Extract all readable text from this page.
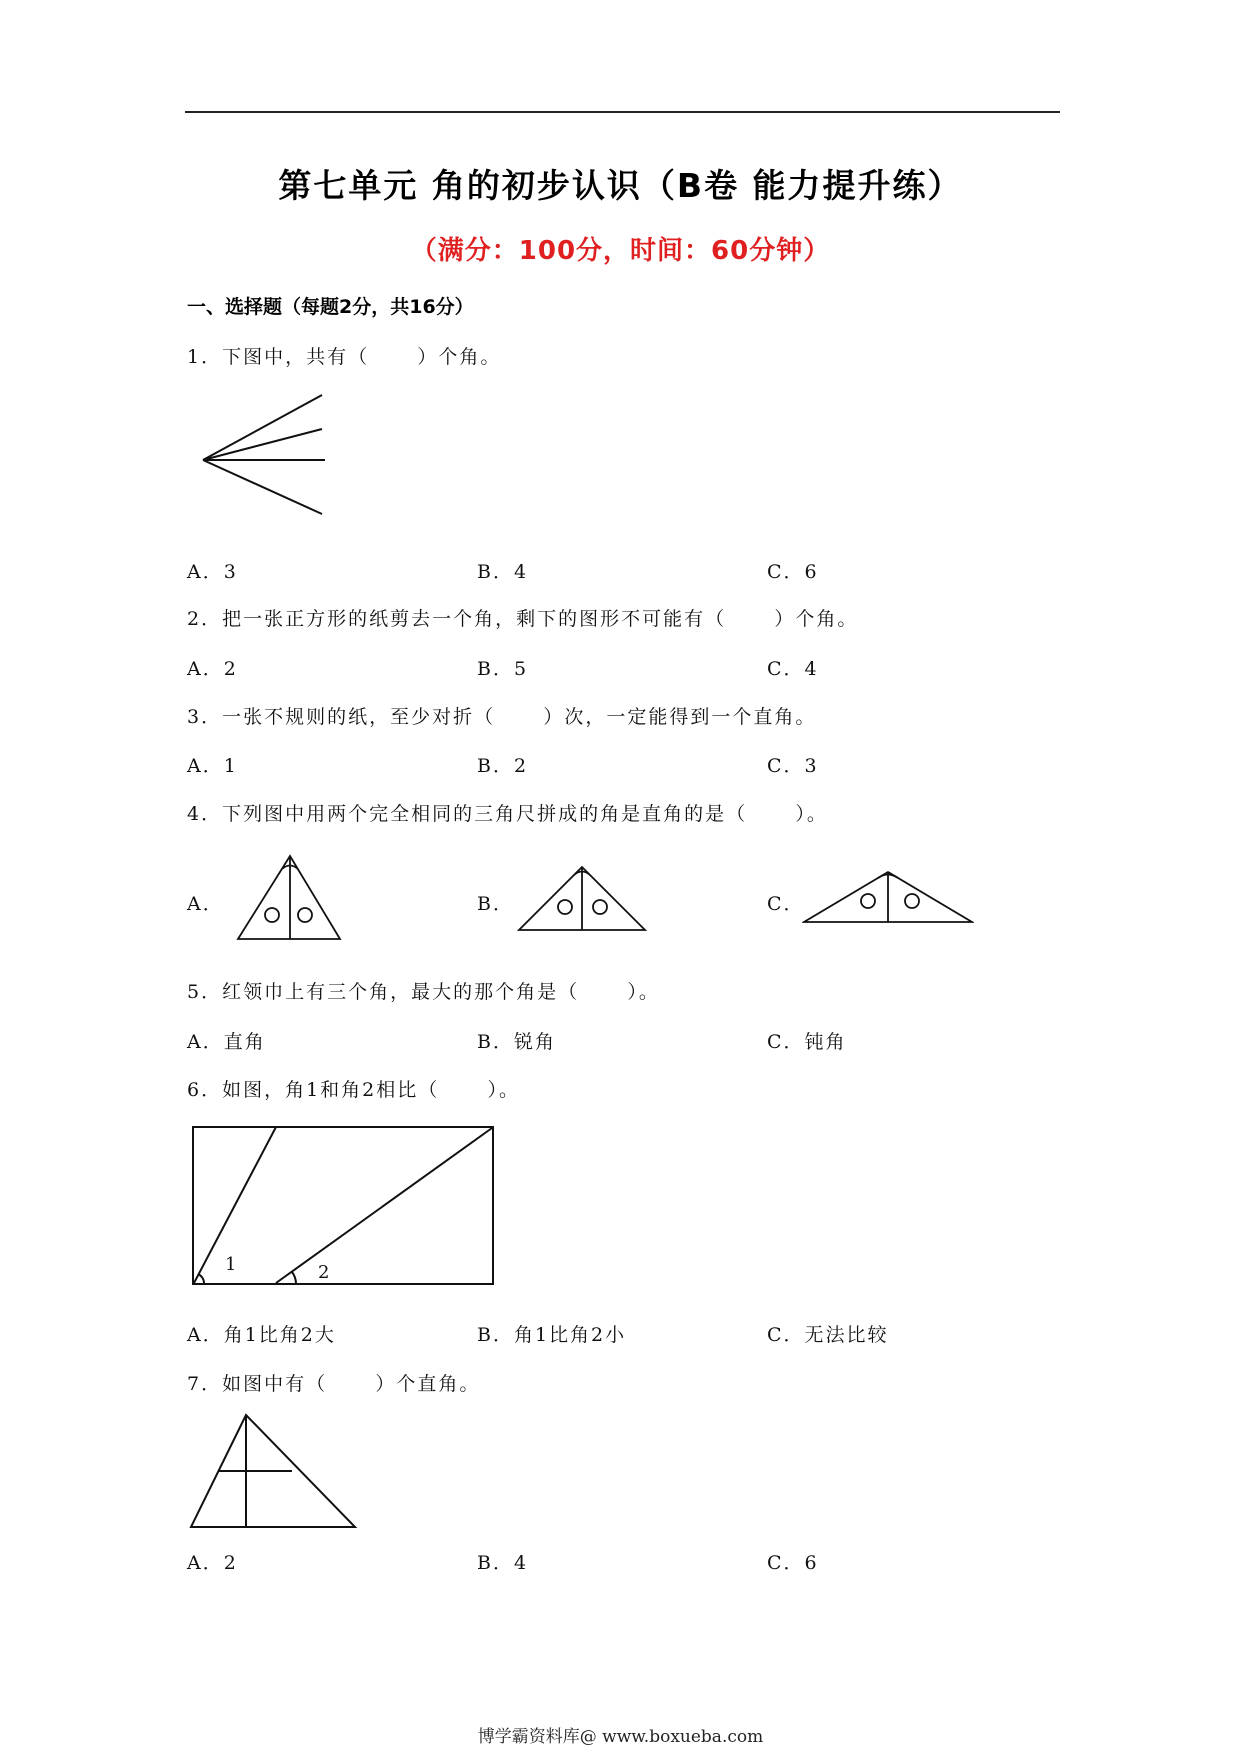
第七单元 角的初步认识（B卷 能力提升练）
（满分：100分，时间：60分钟）
一、选择题（每题2分，共16分）
1．下图中，共有（      ）个角。
A．3	B．4	C．6
2．把一张正方形的纸剪去一个角，剩下的图形不可能有（      ）个角。
A．2	B．5	C．4
3．一张不规则的纸，至少对折（      ）次，一定能得到一个直角。
A．1	B．2	C．3
4．下列图中用两个完全相同的三角尺拼成的角是直角的是（      ）。
A．	B．	C．
5．红领巾上有三个角，最大的那个角是（      ）。
A．直角	B．锐角	C．钝角
6．如图，角1和角2相比（      ）。
1	2
A．角1比角2大	B．角1比角2小	C．无法比较
7．如图中有（      ）个直角。
A．2	B．4	C．6
博学霸资料库@ www.boxueba.com
